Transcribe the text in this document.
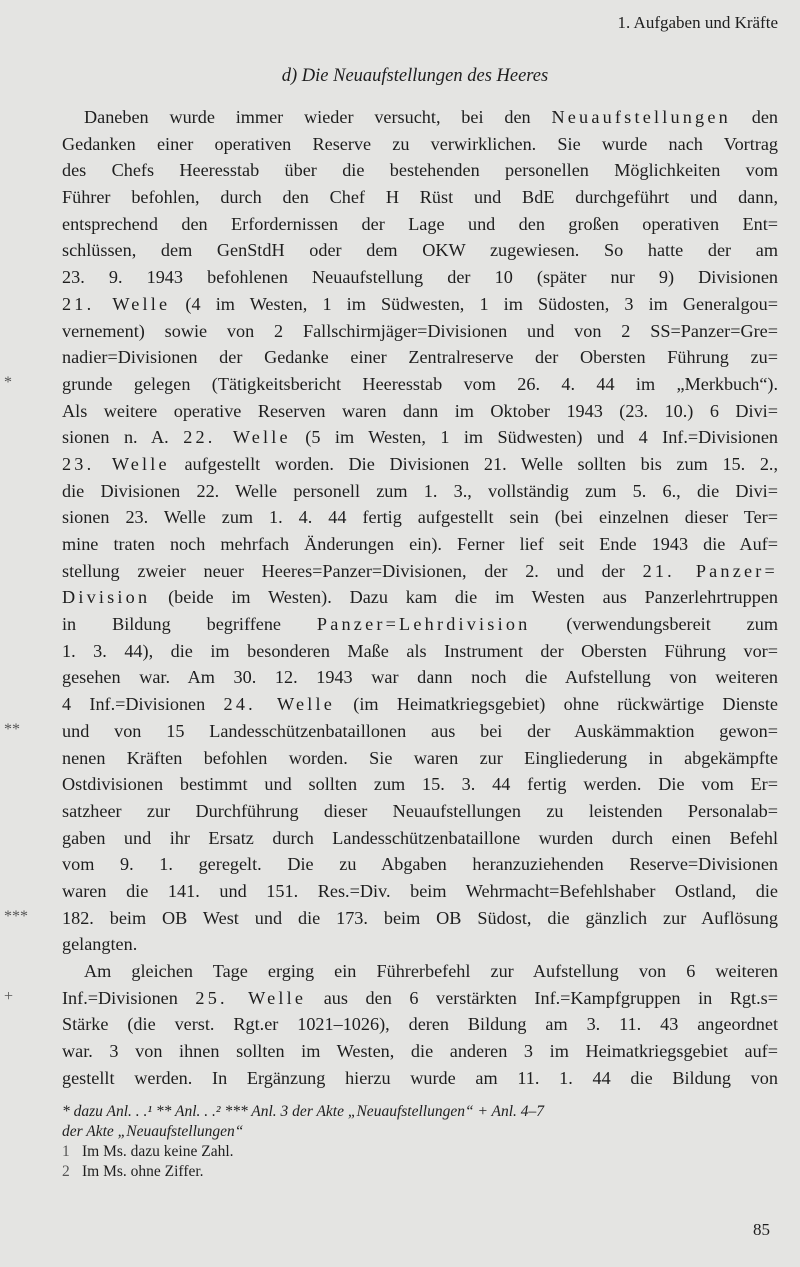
1. Aufgaben und Kräfte
d) Die Neuaufstellungen des Heeres
Daneben wurde immer wieder versucht, bei den Neuaufstellungen den
Gedanken einer operativen Reserve zu verwirklichen. Sie wurde nach Vortrag
des Chefs Heeresstab über die bestehenden personellen Möglichkeiten vom
Führer befohlen, durch den Chef H Rüst und BdE durchgeführt und dann,
entsprechend den Erfordernissen der Lage und den großen operativen Ent=
schlüssen, dem GenStdH oder dem OKW zugewiesen. So hatte der am
23. 9. 1943 befohlenen Neuaufstellung der 10 (später nur 9) Divisionen
21. Welle (4 im Westen, 1 im Südwesten, 1 im Südosten, 3 im Generalgou=
vernement) sowie von 2 Fallschirmjäger=Divisionen und von 2 SS=Panzer=Gre=
nadier=Divisionen der Gedanke einer Zentralreserve der Obersten Führung zu=
grunde gelegen (Tätigkeitsbericht Heeresstab vom 26. 4. 44 im „Merkbuch“).
Als weitere operative Reserven waren dann im Oktober 1943 (23. 10.) 6 Divi=
sionen n. A. 22. Welle (5 im Westen, 1 im Südwesten) und 4 Inf.=Divisionen
23. Welle aufgestellt worden. Die Divisionen 21. Welle sollten bis zum 15. 2.,
die Divisionen 22. Welle personell zum 1. 3., vollständig zum 5. 6., die Divi=
sionen 23. Welle zum 1. 4. 44 fertig aufgestellt sein (bei einzelnen dieser Ter=
mine traten noch mehrfach Änderungen ein). Ferner lief seit Ende 1943 die Auf=
stellung zweier neuer Heeres=Panzer=Divisionen, der 2. und der 21. Panzer=
Division (beide im Westen). Dazu kam die im Westen aus Panzerlehrtruppen
in Bildung begriffene Panzer=Lehrdivision (verwendungsbereit zum
1. 3. 44), die im besonderen Maße als Instrument der Obersten Führung vor=
gesehen war. Am 30. 12. 1943 war dann noch die Aufstellung von weiteren
4 Inf.=Divisionen 24. Welle (im Heimatkriegsgebiet) ohne rückwärtige Dienste
und von 15 Landesschützenbataillonen aus bei der Auskämmaktion gewon=
nenen Kräften befohlen worden. Sie waren zur Eingliederung in abgekämpfte
Ostdivisionen bestimmt und sollten zum 15. 3. 44 fertig werden. Die vom Er=
satzheer zur Durchführung dieser Neuaufstellungen zu leistenden Personalab=
gaben und ihr Ersatz durch Landesschützenbataillone wurden durch einen Befehl
vom 9. 1. geregelt. Die zu Abgaben heranzuziehenden Reserve=Divisionen
waren die 141. und 151. Res.=Div. beim Wehrmacht=Befehlshaber Ostland, die
182. beim OB West und die 173. beim OB Südost, die gänzlich zur Auflösung
gelangten.
Am gleichen Tage erging ein Führerbefehl zur Aufstellung von 6 weiteren
Inf.=Divisionen 25. Welle aus den 6 verstärkten Inf.=Kampfgruppen in Rgt.s=
Stärke (die verst. Rgt.er 1021–1026), deren Bildung am 3. 11. 43 angeordnet
war. 3 von ihnen sollten im Westen, die anderen 3 im Heimatkriegsgebiet auf=
gestellt werden. In Ergänzung hierzu wurde am 11. 1. 44 die Bildung von
*
**
***
+
* dazu Anl. . .¹ ** Anl. . .² *** Anl. 3 der Akte „Neuaufstellungen“ + Anl. 4–7
der Akte „Neuaufstellungen“
1 Im Ms. dazu keine Zahl.
2 Im Ms. ohne Ziffer.
85
